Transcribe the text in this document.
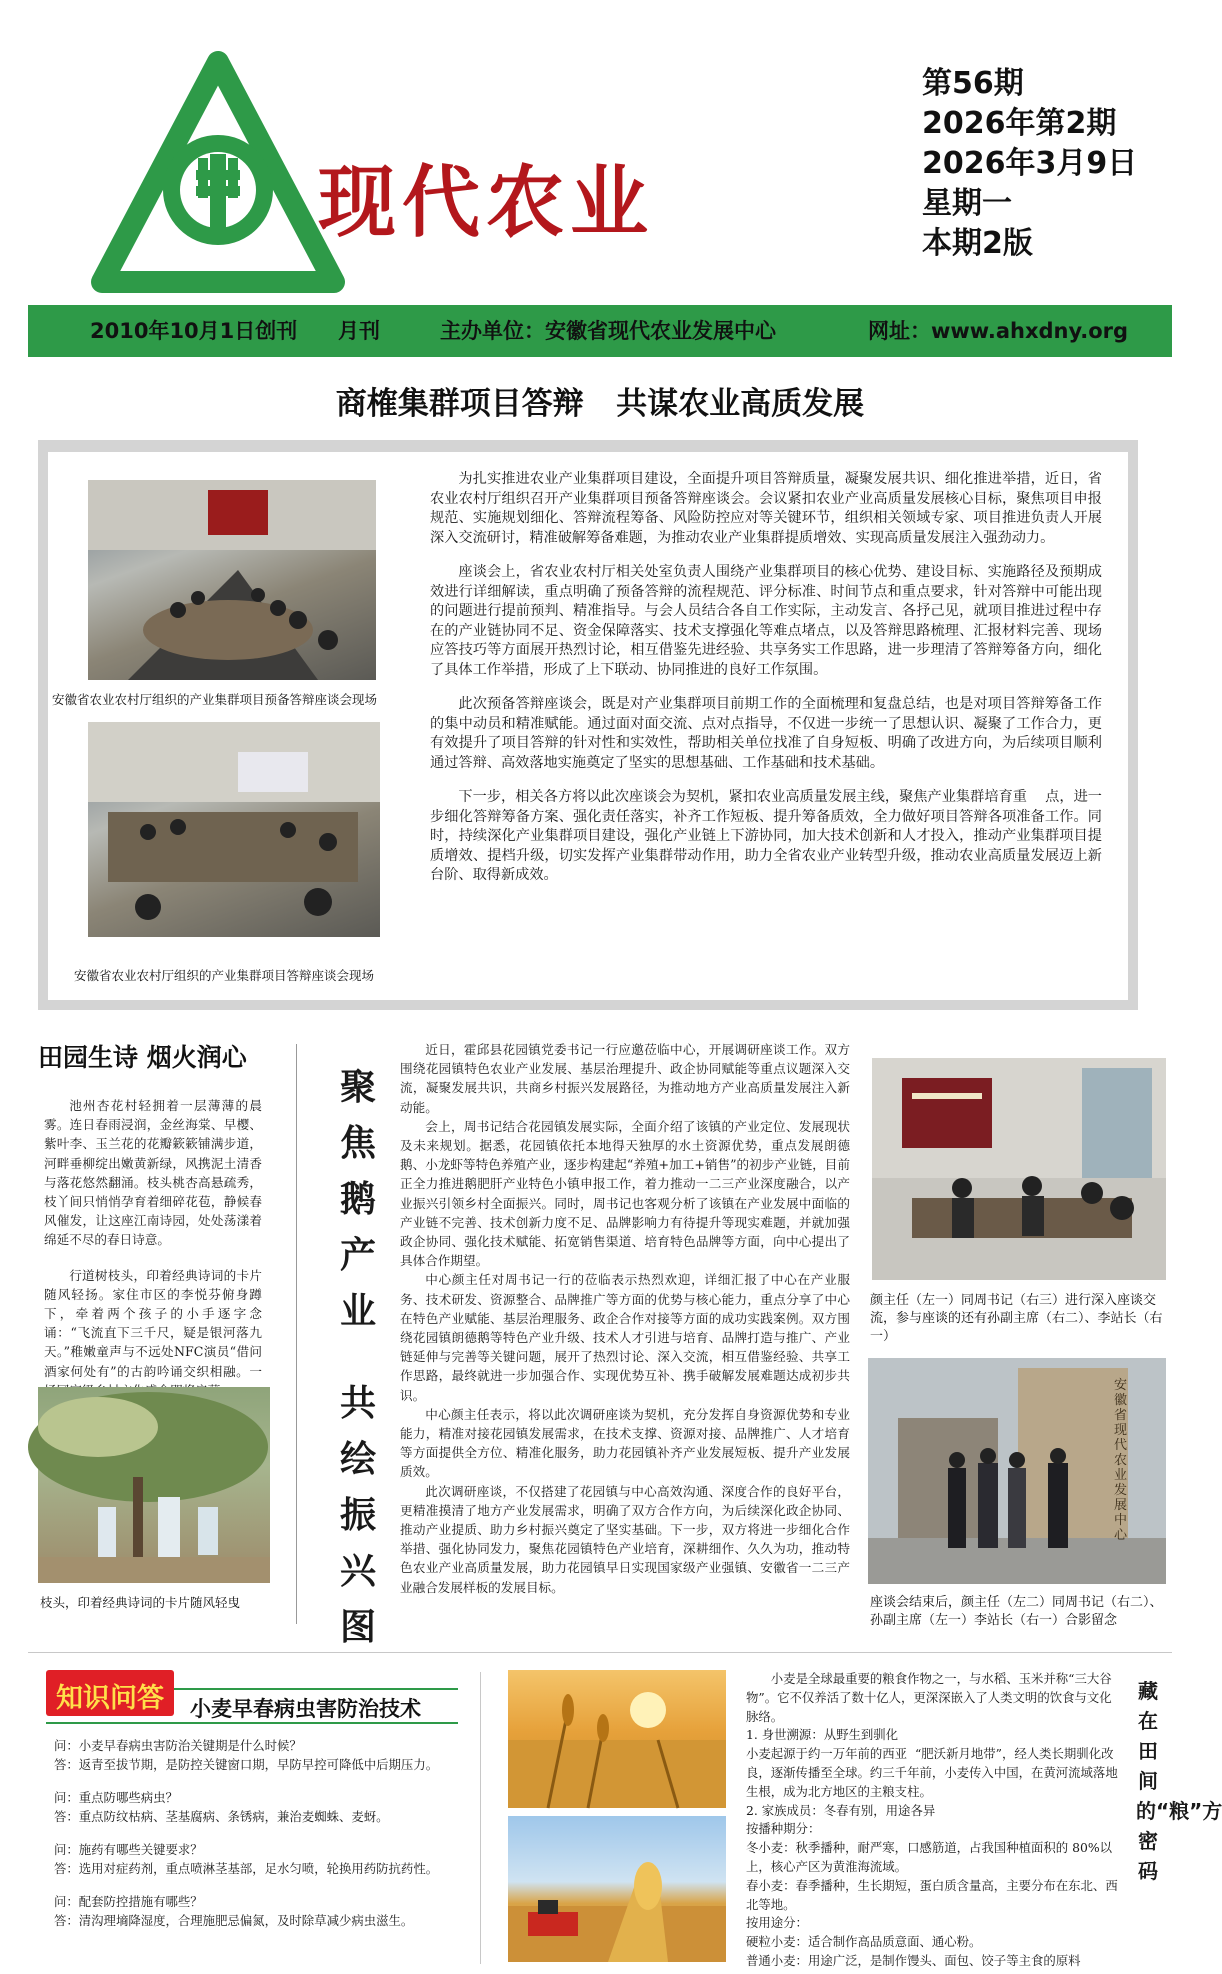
现代农业
第56期
2026年第2期
2026年3月9日
星期一
本期2版
2010年10月1日创刊 月刊	主办单位：安徽省现代农业发展中心	网址：www.ahxdny.org
商榷集群项目答辩   共谋农业高质发展
安徽省农业农村厅组织的产业集群项目预备答辩座谈会现场
安徽省农业农村厅组织的产业集群项目答辩座谈会现场

为扎实推进农业产业集群项目建设，全面提升项目答辩质量，凝聚发展共识、细化推进举措，近日，省农业农村厅组织召开产业集群项目预备答辩座谈会。会议紧扣农业产业高质量发展核心目标，聚焦项目申报规范、实施规划细化、答辩流程筹备、风险防控应对等关键环节，组织相关领域专家、项目推进负责人开展深入交流研讨，精准破解筹备难题，为推动农业产业集群提质增效、实现高质量发展注入强劲动力。

座谈会上，省农业农村厅相关处室负责人围绕产业集群项目的核心优势、建设目标、实施路径及预期成效进行详细解读，重点明确了预备答辩的流程规范、评分标准、时间节点和重点要求，针对答辩中可能出现的问题进行提前预判、精准指导。与会人员结合各自工作实际，主动发言、各抒己见，就项目推进过程中存在的产业链协同不足、资金保障落实、技术支撑强化等难点堵点，以及答辩思路梳理、汇报材料完善、现场应答技巧等方面展开热烈讨论，相互借鉴先进经验、共享务实工作思路，进一步理清了答辩筹备方向，细化了具体工作举措，形成了上下联动、协同推进的良好工作氛围。

此次预备答辩座谈会，既是对产业集群项目前期工作的全面梳理和复盘总结，也是对项目答辩筹备工作的集中动员和精准赋能。通过面对面交流、点对点指导，不仅进一步统一了思想认识、凝聚了工作合力，更有效提升了项目答辩的针对性和实效性，帮助相关单位找准了自身短板、明确了改进方向，为后续项目顺利通过答辩、高效落地实施奠定了坚实的思想基础、工作基础和技术基础。

下一步，相关各方将以此次座谈会为契机，紧扣农业高质量发展主线，聚焦产业集群培育重    点，进一步细化答辩筹备方案、强化责任落实，补齐工作短板、提升筹备质效，全力做好项目答辩各项准备工作。同时，持续深化产业集群项目建设，强化产业链上下游协同，加大技术创新和人才投入，推动产业集群项目提质增效、提档升级，切实发挥产业集群带动作用，助力全省农业产业转型升级，推动农业高质量发展迈上新台阶、取得新成效。

田园生诗 烟火润心

池州杏花村轻拥着一层薄薄的晨雾。连日春雨浸润，金丝海棠、早樱、紫叶李、玉兰花的花瓣簌簌铺满步道，河畔垂柳绽出嫩黄新绿，风携泥土清香与落花悠然翻涌。枝头桃杏高悬疏秀，枝丫间只悄悄孕育着细碎花苞，静候春风催发，让这座江南诗园，处处荡漾着绵延不尽的春日诗意。

行道树枝头，印着经典诗词的卡片随风轻扬。家住市区的李悦芬俯身蹲下，牵着两个孩子的小手逐字念诵：“飞流直下三千尺，疑是银河落九天。”稚嫩童声与不远处NFC演员“借问酒家何处有”的古韵吟诵交织相融。一

枝头，印着经典诗词的卡片随风轻曳
聚焦鹅产业
共绘振兴图

近日，霍邱县花园镇党委书记一行应邀莅临中心，开展调研座谈工作。双方围绕花园镇特色农业产业发展、基层治理提升、政企协同赋能等重点议题深入交流，凝聚发展共识，共商乡村振兴发展路径，为推动地方产业高质量发展注入新动能。

会上，周书记结合花园镇发展实际，全面介绍了该镇的产业定位、发展现状及未来规划。据悉，花园镇依托本地得天独厚的水土资源优势，重点发展朗德鹅、小龙虾等特色养殖产业，逐步构建起“养殖+加工+销售”的初步产业链，目前正全力推进鹅肥肝产业特色小镇申报工作，着力推动一二三产业深度融合，以产业振兴引领乡村全面振兴。同时，周书记也客观分析了该镇在产业发展中面临的产业链不完善、技术创新力度不足、品牌影响力有待提升等现实难题，并就加强政企协同、强化技术赋能、拓宽销售渠道、培育特色品牌等方面，向中心提出了具体合作期望。

中心颜主任对周书记一行的莅临表示热烈欢迎，详细汇报了中心在产业服务、技术研发、资源整合、品牌推广等方面的优势与核心能力，重点分享了中心在特色产业赋能、基层治理服务、政企合作对接等方面的成功实践案例。双方围绕花园镇朗德鹅等特色产业升级、技术人才引进与培育、品牌打造与推广、产业链延伸与完善等关键问题，展开了热烈讨论、深入交流，相互借鉴经验、共享工作思路，最终就进一步加强合作、实现优势互补、携手破解发展难题达成初步共识。

中心颜主任表示，将以此次调研座谈为契机，充分发挥自身资源优势和专业能力，精准对接花园镇发展需求，在技术支撑、资源对接、品牌推广、人才培育等方面提供全方位、精准化服务，助力花园镇补齐产业发展短板、提升产业发展质效。

此次调研座谈，不仅搭建了花园镇与中心高效沟通、深度合作的良好平台，更精准摸清了地方产业发展需求，明确了双方合作方向，为后续深化政企协同、推动产业提质、助力乡村振兴奠定了坚实基础。下一步，双方将进一步细化合作举措、强化协同发力，聚焦花园镇特色产业培育，深耕细作、久久为功，推动特色农业产业高质量发展，助力花园镇早日实现国家级产业强镇、安徽省一二三产业融合发展样板的发展目标。

颜主任（左一）同周书记（右三）进行深入座谈交流，参与座谈的还有孙副主席（右二）、李站长（右一）
安徽省现代农业发展中心
座谈会结束后，颜主任（左二）同周书记（右二）、孙副主席（左一）李站长（右一）合影留念
知识问答 小麦早春病虫害防治技术
问：小麦早春病虫害防治关键期是什么时候？
答：返青至拔节期，是防控关键窗口期，早防早控可降低中后期压力。
问：重点防哪些病虫？
答：重点防纹枯病、茎基腐病、条锈病，兼治麦蜘蛛、麦蚜。
问：施药有哪些关键要求？
答：选用对症药剂，重点喷淋茎基部，足水匀喷，轮换用药防抗药性。
问：配套防控措施有哪些？
答：清沟理墒降湿度，合理施肥忌偏氮，及时除草减少病虫滋生。
小麦是全球最重要的粮食作物之一，与水稻、玉米并称“三大谷物”。它不仅养活了数十亿人，更深深嵌入了人类文明的饮食与文化脉络。
1. 身世溯源：从野生到驯化
小麦起源于约一万年前的西亚  “肥沃新月地带”，经人类长期驯化改良，逐渐传播至全球。约三千年前，小麦传入中国，在黄河流域落地生根，成为北方地区的主粮支柱。
2. 家族成员：冬春有别，用途各异
按播种期分：
冬小麦：秋季播种，耐严寒，口感筋道，占我国种植面积的 80%以上，核心产区为黄淮海流域。
春小麦：春季播种，生长期短，蛋白质含量高，主要分布在东北、西北等地。
按用途分：
硬粒小麦：适合制作高品质意面、通心粉。
普通小麦：用途广泛，是制作馒头、面包、饺子等主食的原料
藏在田间的“粮”方密码
